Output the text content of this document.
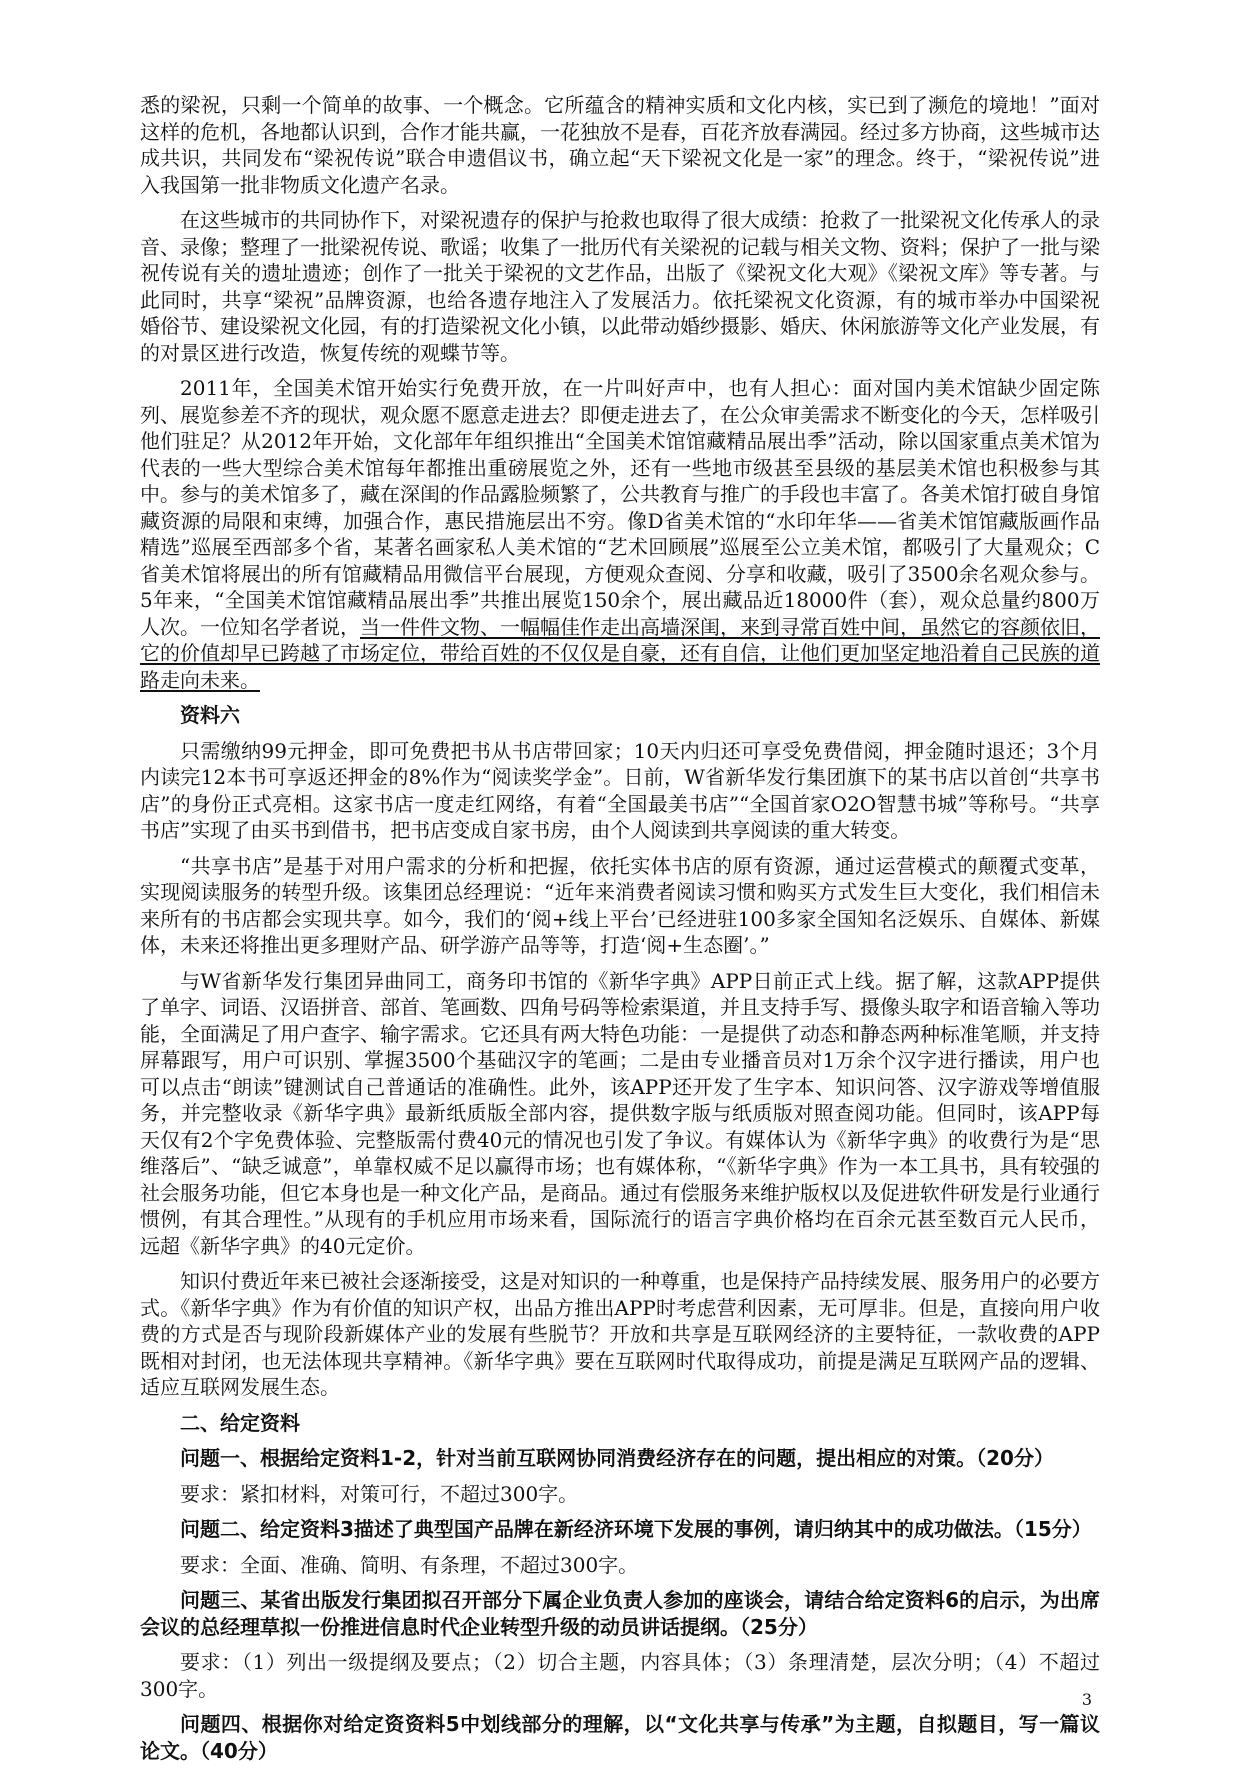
悉的梁祝，只剩一个简单的故事、一个概念。它所蕴含的精神实质和文化内核，实已到了濒危的境地！”面对这样的危机，各地都认识到，合作才能共赢，一花独放不是春，百花齐放春满园。经过多方协商，这些城市达成共识，共同发布“梁祝传说”联合申遗倡议书，确立起“天下梁祝文化是一家”的理念。终于，“梁祝传说”进入我国第一批非物质文化遗产名录。

在这些城市的共同协作下，对梁祝遗存的保护与抢救也取得了很大成绩：抢救了一批梁祝文化传承人的录音、录像；整理了一批梁祝传说、歌谣；收集了一批历代有关梁祝的记载与相关文物、资料；保护了一批与梁祝传说有关的遗址遗迹；创作了一批关于梁祝的文艺作品，出版了《梁祝文化大观》《梁祝文库》等专著。与此同时，共享“梁祝”品牌资源，也给各遗存地注入了发展活力。依托梁祝文化资源，有的城市举办中国梁祝婚俗节、建设梁祝文化园，有的打造梁祝文化小镇，以此带动婚纱摄影、婚庆、休闲旅游等文化产业发展，有的对景区进行改造，恢复传统的观蝶节等。

2011年，全国美术馆开始实行免费开放，在一片叫好声中，也有人担心：面对国内美术馆缺少固定陈列、展览参差不齐的现状，观众愿不愿意走进去？即便走进去了，在公众审美需求不断变化的今天，怎样吸引他们驻足？从2012年开始，文化部年年组织推出“全国美术馆馆藏精品展出季”活动，除以国家重点美术馆为代表的一些大型综合美术馆每年都推出重磅展览之外，还有一些地市级甚至县级的基层美术馆也积极参与其中。参与的美术馆多了，藏在深闺的作品露脸频繁了，公共教育与推广的手段也丰富了。各美术馆打破自身馆藏资源的局限和束缚，加强合作，惠民措施层出不穷。像D省美术馆的“水印年华——省美术馆馆藏版画作品精选”巡展至西部多个省，某著名画家私人美术馆的“艺术回顾展”巡展至公立美术馆，都吸引了大量观众；C省美术馆将展出的所有馆藏精品用微信平台展现，方便观众查阅、分享和收藏，吸引了3500余名观众参与。5年来，“全国美术馆馆藏精品展出季”共推出展览150余个，展出藏品近18000件（套），观众总量约800万人次。一位知名学者说，当一件件文物、一幅幅佳作走出高墙深闺，来到寻常百姓中间，虽然它的容颜依旧，它的价值却早已跨越了市场定位，带给百姓的不仅仅是自豪，还有自信，让他们更加坚定地沿着自己民族的道路走向未来。

资料六

只需缴纳99元押金，即可免费把书从书店带回家；10天内归还可享受免费借阅，押金随时退还；3个月内读完12本书可享返还押金的8%作为“阅读奖学金”。日前，W省新华发行集团旗下的某书店以首创“共享书店”的身份正式亮相。这家书店一度走红网络，有着“全国最美书店”“全国首家O2O智慧书城”等称号。“共享书店”实现了由买书到借书，把书店变成自家书房，由个人阅读到共享阅读的重大转变。

“共享书店”是基于对用户需求的分析和把握，依托实体书店的原有资源，通过运营模式的颠覆式变革，实现阅读服务的转型升级。该集团总经理说：“近年来消费者阅读习惯和购买方式发生巨大变化，我们相信未来所有的书店都会实现共享。如今，我们的‘阅+线上平台’已经进驻100多家全国知名泛娱乐、自媒体、新媒体，未来还将推出更多理财产品、研学游产品等等，打造‘阅+生态圈’。”

与W省新华发行集团异曲同工，商务印书馆的《新华字典》APP日前正式上线。据了解，这款APP提供了单字、词语、汉语拼音、部首、笔画数、四角号码等检索渠道，并且支持手写、摄像头取字和语音输入等功能，全面满足了用户查字、输字需求。它还具有两大特色功能：一是提供了动态和静态两种标准笔顺，并支持屏幕跟写，用户可识别、掌握3500个基础汉字的笔画；二是由专业播音员对1万余个汉字进行播读，用户也可以点击“朗读”键测试自己普通话的准确性。此外，该APP还开发了生字本、知识问答、汉字游戏等增值服务，并完整收录《新华字典》最新纸质版全部内容，提供数字版与纸质版对照查阅功能。但同时，该APP每天仅有2个字免费体验、完整版需付费40元的情况也引发了争议。有媒体认为《新华字典》的收费行为是“思维落后”、“缺乏诚意”，单靠权威不足以赢得市场；也有媒体称，“《新华字典》作为一本工具书，具有较强的社会服务功能，但它本身也是一种文化产品，是商品。通过有偿服务来维护版权以及促进软件研发是行业通行惯例，有其合理性。”从现有的手机应用市场来看，国际流行的语言字典价格均在百余元甚至数百元人民币，远超《新华字典》的40元定价。

知识付费近年来已被社会逐渐接受，这是对知识的一种尊重，也是保持产品持续发展、服务用户的必要方式。《新华字典》作为有价值的知识产权，出品方推出APP时考虑营利因素，无可厚非。但是，直接向用户收费的方式是否与现阶段新媒体产业的发展有些脱节？开放和共享是互联网经济的主要特征，一款收费的APP既相对封闭，也无法体现共享精神。《新华字典》要在互联网时代取得成功，前提是满足互联网产品的逻辑、适应互联网发展生态。

二、给定资料

问题一、根据给定资料1-2，针对当前互联网协同消费经济存在的问题，提出相应的对策。（20分）

要求：紧扣材料，对策可行，不超过300字。

问题二、给定资料3描述了典型国产品牌在新经济环境下发展的事例，请归纳其中的成功做法。（15分）

要求：全面、准确、简明、有条理，不超过300字。

问题三、某省出版发行集团拟召开部分下属企业负责人参加的座谈会，请结合给定资料6的启示，为出席会议的总经理草拟一份推进信息时代企业转型升级的动员讲话提纲。（25分）

要求：（1）列出一级提纲及要点；（2）切合主题，内容具体；（3）条理清楚，层次分明；（4）不超过300字。

问题四、根据你对给定资资料5中划线部分的理解，以“文化共享与传承”为主题，自拟题目，写一篇议论文。（40分）

3
